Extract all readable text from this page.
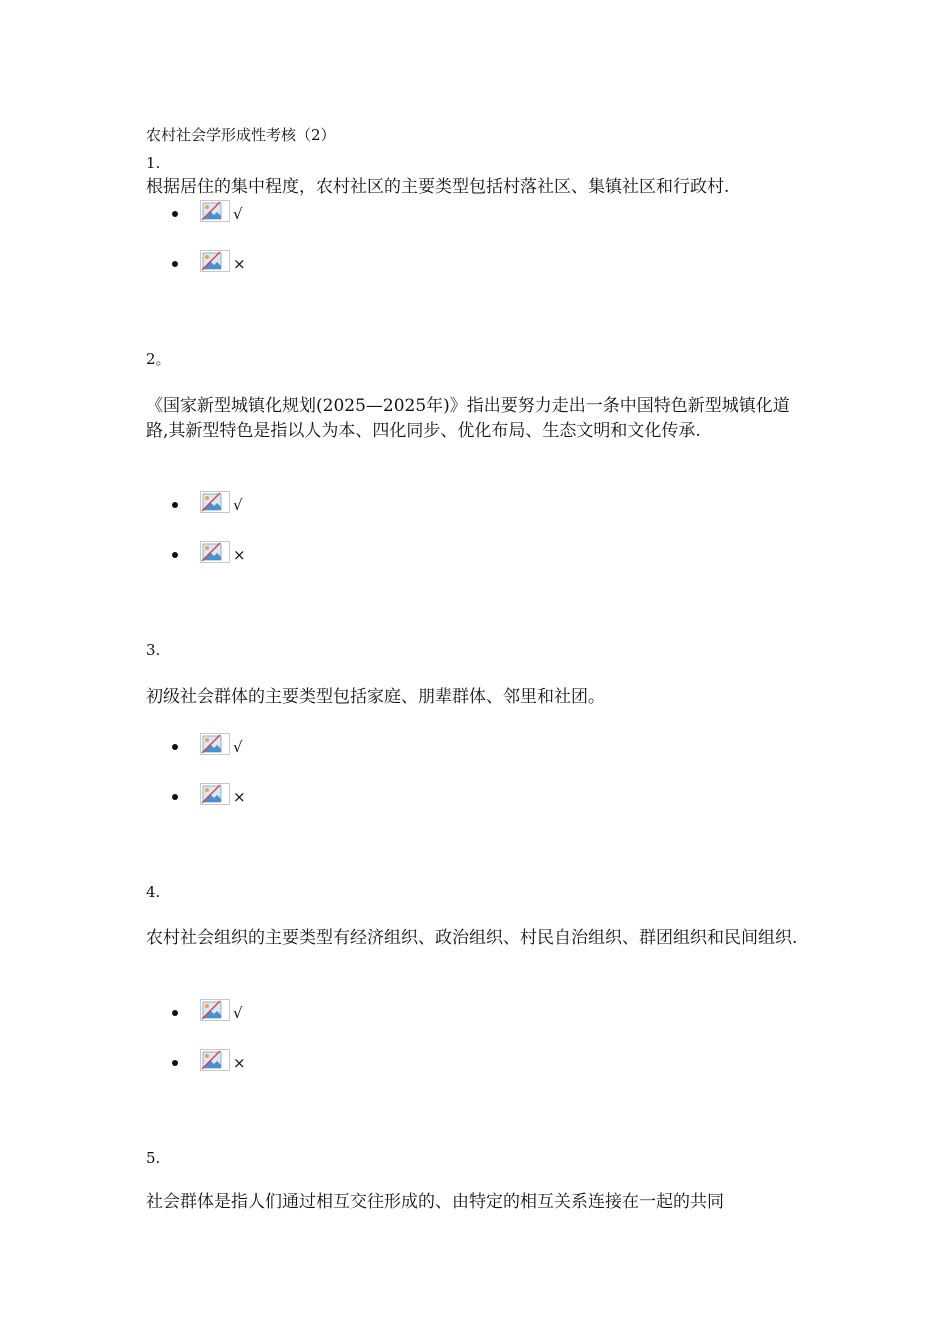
农村社会学形成性考核（2）
1.
根据居住的集中程度，农村社区的主要类型包括村落社区、集镇社区和行政村.
√
×
2。
《国家新型城镇化规划(2025—2025年)》指出要努力走出一条中国特色新型城镇化道路,其新型特色是指以人为本、四化同步、优化布局、生态文明和文化传承.
√
×
3.
初级社会群体的主要类型包括家庭、朋辈群体、邻里和社团。
√
×
4.
农村社会组织的主要类型有经济组织、政治组织、村民自治组织、群团组织和民间组织.
√
×
5.
社会群体是指人们通过相互交往形成的、由特定的相互关系连接在一起的共同
